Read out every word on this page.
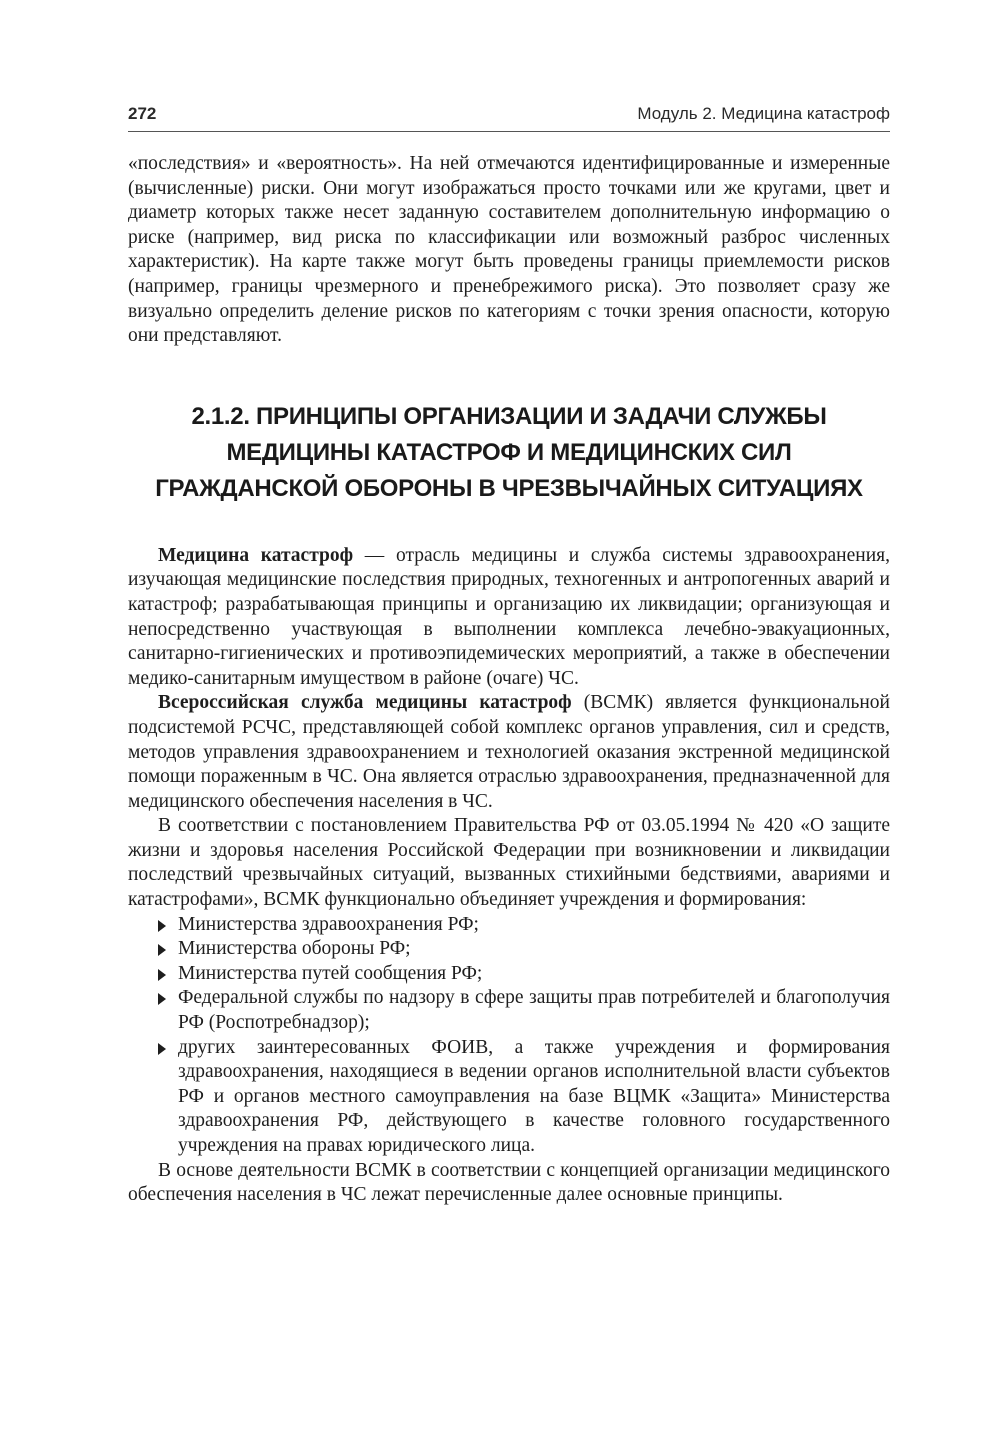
272	Модуль 2. Медицина катастроф

«последствия» и «вероятность». На ней отмечаются идентифицированные и измеренные (вычисленные) риски. Они могут изображаться просто точками или же кругами, цвет и диаметр которых также несет заданную составителем дополнительную информацию о риске (например, вид риска по классификации или возможный разброс численных характеристик). На карте также могут быть проведены границы приемлемости рисков (например, границы чрезмерного и пренебрежимого риска). Это позволяет сразу же визуально определить деление рисков по категориям с точки зрения опасности, которую они представляют.

2.1.2. ПРИНЦИПЫ ОРГАНИЗАЦИИ И ЗАДАЧИ СЛУЖБЫ
МЕДИЦИНЫ КАТАСТРОФ И МЕДИЦИНСКИХ СИЛ
ГРАЖДАНСКОЙ ОБОРОНЫ В ЧРЕЗВЫЧАЙНЫХ СИТУАЦИЯХ

Медицина катастроф — отрасль медицины и служба системы здравоохранения, изучающая медицинские последствия природных, техногенных и антропогенных аварий и катастроф; разрабатывающая принципы и организацию их ликвидации; организующая и непосредственно участвующая в выполнении комплекса лечебно-эвакуационных, санитарно-гигиенических и противоэпидемических мероприятий, а также в обеспечении медико-санитарным имуществом в районе (очаге) ЧС.

Всероссийская служба медицины катастроф (ВСМК) является функциональной подсистемой РСЧС, представляющей собой комплекс органов управления, сил и средств, методов управления здравоохранением и технологией оказания экстренной медицинской помощи пораженным в ЧС. Она является отраслью здравоохранения, предназначенной для медицинского обеспечения населения в ЧС.

В соответствии с постановлением Правительства РФ от 03.05.1994 № 420 «О защите жизни и здоровья населения Российской Федерации при возникновении и ликвидации последствий чрезвычайных ситуаций, вызванных стихийными бедствиями, авариями и катастрофами», ВСМК функционально объединяет учреждения и формирования:

Министерства здравоохранения РФ;
Министерства обороны РФ;
Министерства путей сообщения РФ;
Федеральной службы по надзору в сфере защиты прав потребителей и благополучия РФ (Роспотребнадзор);
других заинтересованных ФОИВ, а также учреждения и формирования здравоохранения, находящиеся в ведении органов исполнительной власти субъектов РФ и органов местного самоуправления на базе ВЦМК «Защита» Министерства здравоохранения РФ, действующего в качестве головного государственного учреждения на правах юридического лица.

В основе деятельности ВСМК в соответствии с концепцией организации медицинского обеспечения населения в ЧС лежат перечисленные далее основные принципы.
